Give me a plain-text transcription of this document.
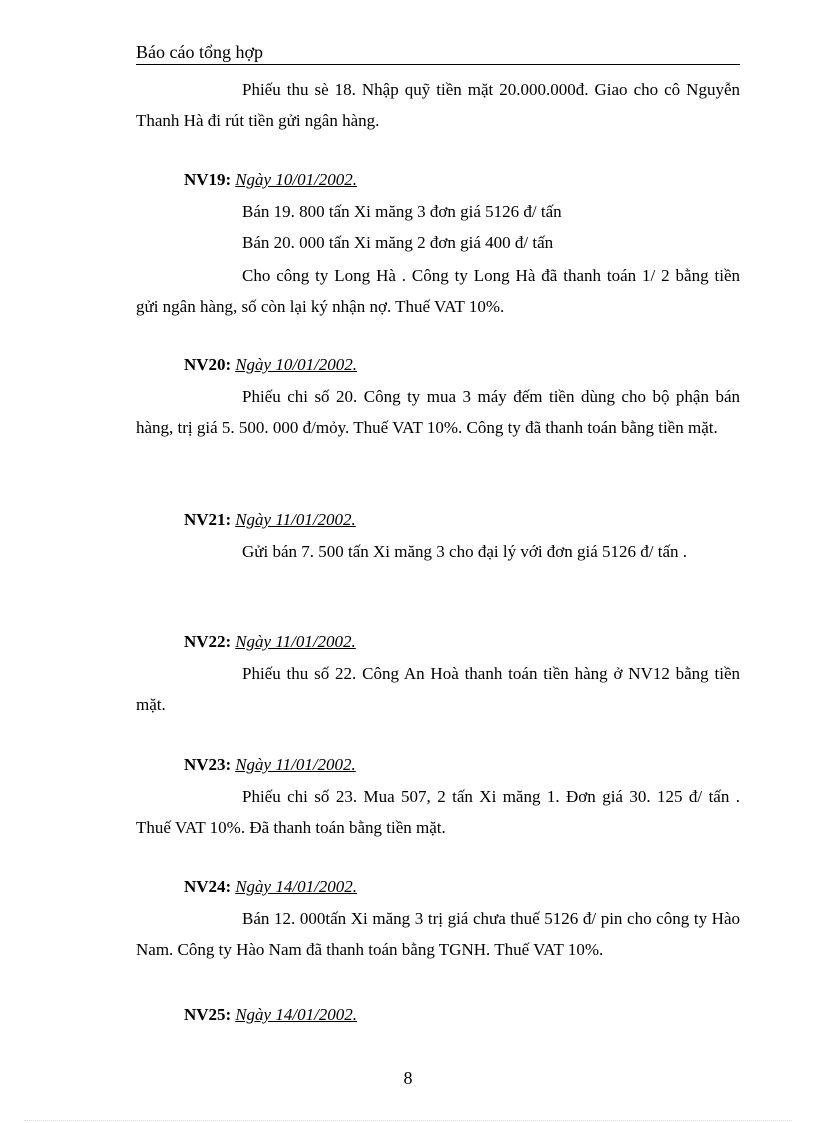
Báo cáo tổng hợp

Phiếu thu sè 18. Nhập quỹ tiền mặt 20.000.000đ. Giao cho cô Nguyễn Thanh Hà đi rút tiền gửi ngân hàng.

NV19: Ngày 10/01/2002.
Bán 19. 800 tấn Xi măng 3 đơn giá 5126 đ/ tấn
Bán 20. 000 tấn Xi măng 2 đơn giá 400 đ/ tấn

Cho công ty Long Hà . Công ty Long Hà đã thanh toán 1/ 2 bằng tiền gửi ngân hàng, số còn lại ký nhận nợ. Thuế VAT 10%.

NV20: Ngày 10/01/2002.

Phiếu chi số 20. Công ty mua 3 máy đếm tiền dùng cho bộ phận bán hàng, trị giá 5. 500. 000 đ/mỏy. Thuế VAT 10%. Công ty đã thanh toán bằng tiền mặt.

NV21: Ngày 11/01/2002.

Gửi bán 7. 500 tấn Xi măng 3 cho đại lý với đơn giá 5126 đ/ tấn .

NV22: Ngày 11/01/2002.

Phiếu thu số 22. Công An Hoà thanh toán tiền hàng ở NV12 bằng tiền mặt.

NV23: Ngày 11/01/2002.

Phiếu chi số 23. Mua 507, 2 tấn Xi măng 1. Đơn giá 30. 125 đ/ tấn . Thuế VAT 10%. Đã thanh toán bằng tiền mặt.

NV24: Ngày 14/01/2002.

Bán 12. 000tấn Xi măng 3 trị giá chưa thuế 5126 đ/ pin cho công ty Hào Nam. Công ty Hào Nam đã thanh toán bằng TGNH. Thuế VAT 10%.

NV25: Ngày 14/01/2002.
8
